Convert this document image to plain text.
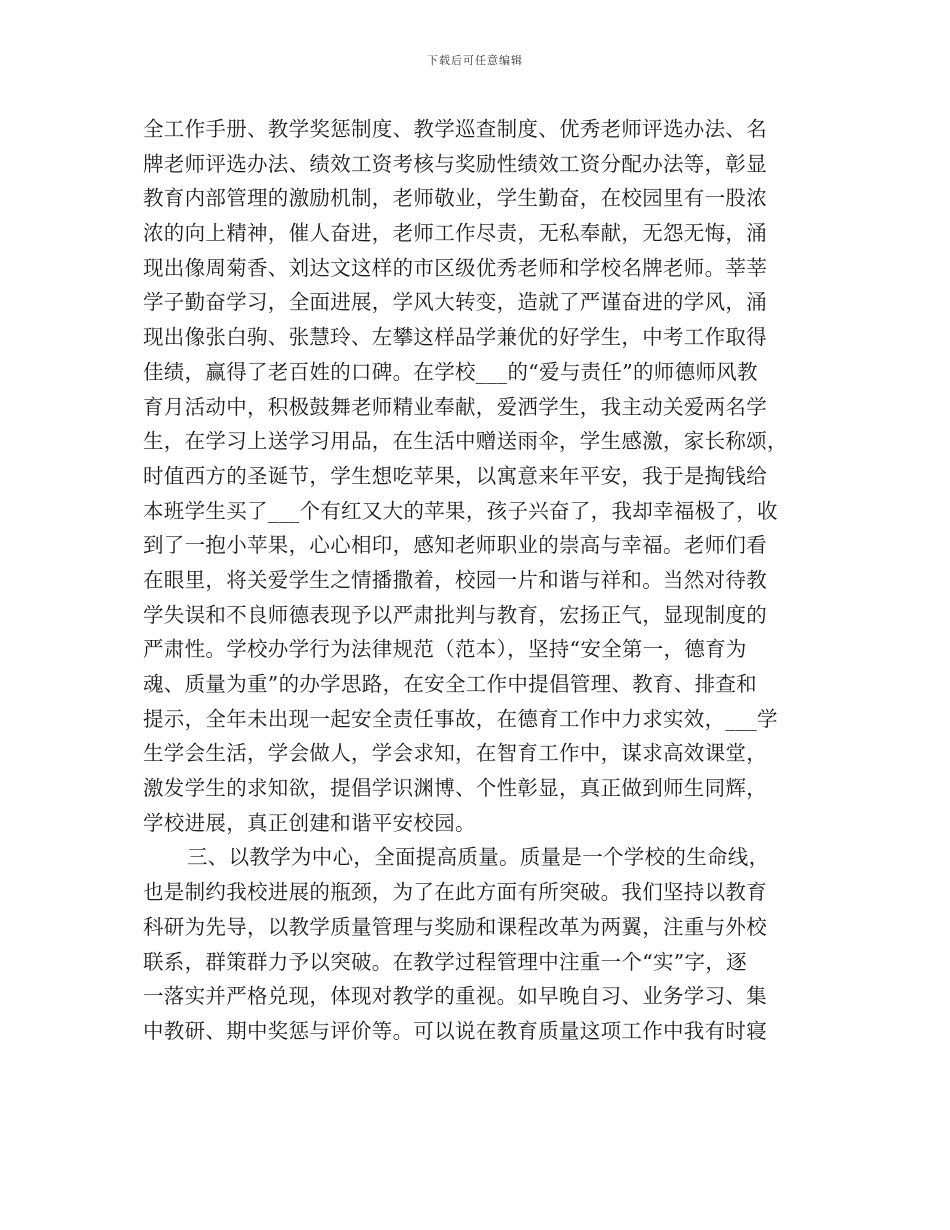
下载后可任意编辑
全工作手册、教学奖惩制度、教学巡查制度、优秀老师评选办法、名
牌老师评选办法、绩效工资考核与奖励性绩效工资分配办法等，彰显
教育内部管理的激励机制，老师敬业，学生勤奋，在校园里有一股浓
浓的向上精神，催人奋进，老师工作尽责，无私奉献，无怨无悔，涌
现出像周菊香、刘达文这样的市区级优秀老师和学校名牌老师。莘莘
学子勤奋学习，全面进展，学风大转变，造就了严谨奋进的学风，涌
现出像张白驹、张慧玲、左攀这样品学兼优的好学生，中考工作取得
佳绩，赢得了老百姓的口碑。在学校___的“爱与责任”的师德师风教
育月活动中，积极鼓舞老师精业奉献，爱洒学生，我主动关爱两名学
生，在学习上送学习用品，在生活中赠送雨伞，学生感激，家长称颂，
时值西方的圣诞节，学生想吃苹果，以寓意来年平安，我于是掏钱给
本班学生买了___个有红又大的苹果，孩子兴奋了，我却幸福极了，收
到了一抱小苹果，心心相印，感知老师职业的崇高与幸福。老师们看
在眼里，将关爱学生之情播撒着，校园一片和谐与祥和。当然对待教
学失误和不良师德表现予以严肃批判与教育，宏扬正气，显现制度的
严肃性。学校办学行为法律规范（范本），坚持“安全第一，德育为
魂、质量为重”的办学思路，在安全工作中提倡管理、教育、排查和
提示，全年未出现一起安全责任事故，在德育工作中力求实效，___学
生学会生活，学会做人，学会求知，在智育工作中，谋求高效课堂，
激发学生的求知欲，提倡学识渊博、个性彰显，真正做到师生同辉，
学校进展，真正创建和谐平安校园。
三、以教学为中心，全面提高质量。质量是一个学校的生命线，
也是制约我校进展的瓶颈，为了在此方面有所突破。我们坚持以教育
科研为先导，以教学质量管理与奖励和课程改革为两翼，注重与外校
联系，群策群力予以突破。在教学过程管理中注重一个“实”字，逐
一落实并严格兑现，体现对教学的重视。如早晚自习、业务学习、集
中教研、期中奖惩与评价等。可以说在教育质量这项工作中我有时寝
